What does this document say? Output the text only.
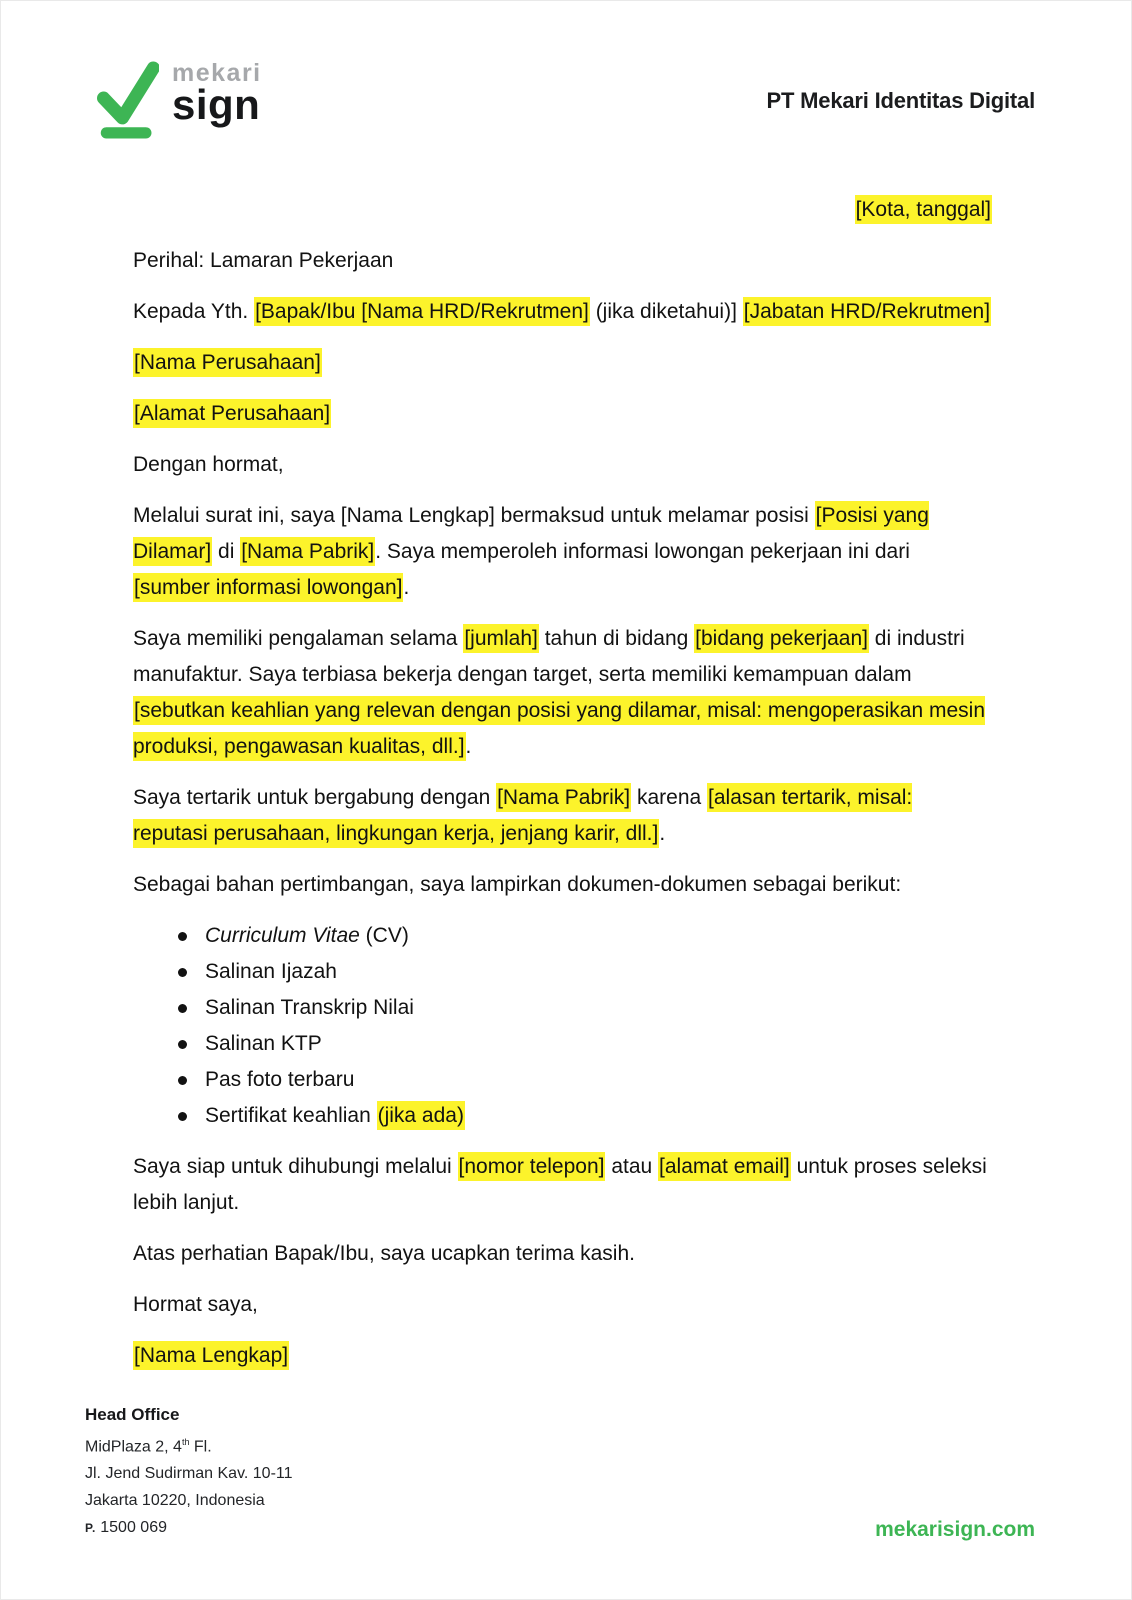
mekari
sign	PT Mekari Identitas Digital

[Kota, tanggal]

Perihal: Lamaran Pekerjaan

Kepada Yth. [Bapak/Ibu [Nama HRD/Rekrutmen] (jika diketahui)] [Jabatan HRD/Rekrutmen]

[Nama Perusahaan]

[Alamat Perusahaan]

Dengan hormat,

Melalui surat ini, saya [Nama Lengkap] bermaksud untuk melamar posisi [Posisi yang Dilamar] di [Nama Pabrik]. Saya memperoleh informasi lowongan pekerjaan ini dari [sumber informasi lowongan].

Saya memiliki pengalaman selama [jumlah] tahun di bidang [bidang pekerjaan] di industri manufaktur. Saya terbiasa bekerja dengan target, serta memiliki kemampuan dalam [sebutkan keahlian yang relevan dengan posisi yang dilamar, misal: mengoperasikan mesin produksi, pengawasan kualitas, dll.].

Saya tertarik untuk bergabung dengan [Nama Pabrik] karena [alasan tertarik, misal: reputasi perusahaan, lingkungan kerja, jenjang karir, dll.].

Sebagai bahan pertimbangan, saya lampirkan dokumen-dokumen sebagai berikut:

Curriculum Vitae (CV)
Salinan Ijazah
Salinan Transkrip Nilai
Salinan KTP
Pas foto terbaru
Sertifikat keahlian (jika ada)

Saya siap untuk dihubungi melalui [nomor telepon] atau [alamat email] untuk proses seleksi lebih lanjut.

Atas perhatian Bapak/Ibu, saya ucapkan terima kasih.

Hormat saya,

[Nama Lengkap]

Head Office
MidPlaza 2, 4th Fl.
Jl. Jend Sudirman Kav. 10-11
Jakarta 10220, Indonesia
P. 1500 069	mekarisign.com
